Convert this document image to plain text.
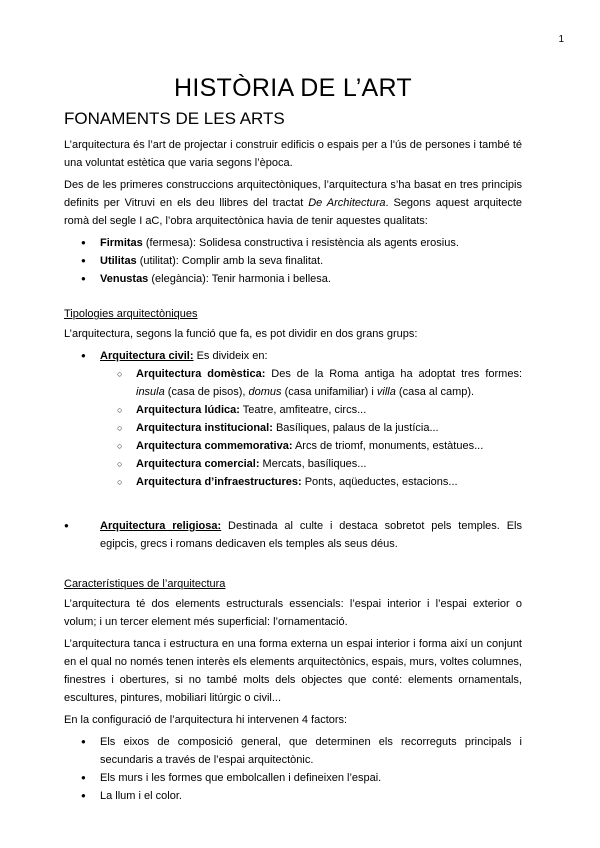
1
HISTÒRIA DE L’ART
FONAMENTS DE LES ARTS

L’arquitectura és l’art de projectar i construir edificis o espais per a l’ús de persones i també té una voluntat estètica que varia segons l’època.

Des de les primeres construccions arquitectòniques, l’arquitectura s’ha basat en tres principis definits per Vitruvi en els deu llibres del tractat De Architectura. Segons aquest arquitecte romà del segle I aC, l’obra arquitectònica havia de tenir aquestes qualitats:

● Firmitas (fermesa): Solidesa constructiva i resistència als agents erosius.
● Utilitas (utilitat): Complir amb la seva finalitat.
● Venustas (elegància): Tenir harmonia i bellesa.
Tipologies arquitectòniques

L’arquitectura, segons la funció que fa, es pot dividir en dos grans grups:

● Arquitectura civil: Es divideix en:
○ Arquitectura domèstica: Des de la Roma antiga ha adoptat tres formes: insula (casa de pisos), domus (casa unifamiliar) i villa (casa al camp).
○ Arquitectura lúdica: Teatre, amfiteatre, circs...
○ Arquitectura institucional: Basíliques, palaus de la justícia...
○ Arquitectura commemorativa: Arcs de triomf, monuments, estàtues...
○ Arquitectura comercial: Mercats, basíliques...
○ Arquitectura d’infraestructures: Ponts, aqüeductes, estacions...
●	Arquitectura religiosa: Destinada al culte i destaca sobretot pels temples. Els egipcis, grecs i romans dedicaven els temples als seus déus.
Característiques de l’arquitectura

L’arquitectura té dos elements estructurals essencials: l’espai interior i l’espai exterior o volum; i un tercer element més superficial: l’ornamentació.

L’arquitectura tanca i estructura en una forma externa un espai interior i forma així un conjunt en el qual no només tenen interès els elements arquitectònics, espais, murs, voltes columnes, finestres i obertures, si no també molts dels objectes que conté: elements ornamentals, escultures, pintures, mobiliari litúrgic o civil...

En la configuració de l’arquitectura hi intervenen 4 factors:

● Els eixos de composició general, que determinen els recorreguts principals i secundaris a través de l’espai arquitectònic.
● Els murs i les formes que embolcallen i defineixen l’espai.
● La llum i el color.
